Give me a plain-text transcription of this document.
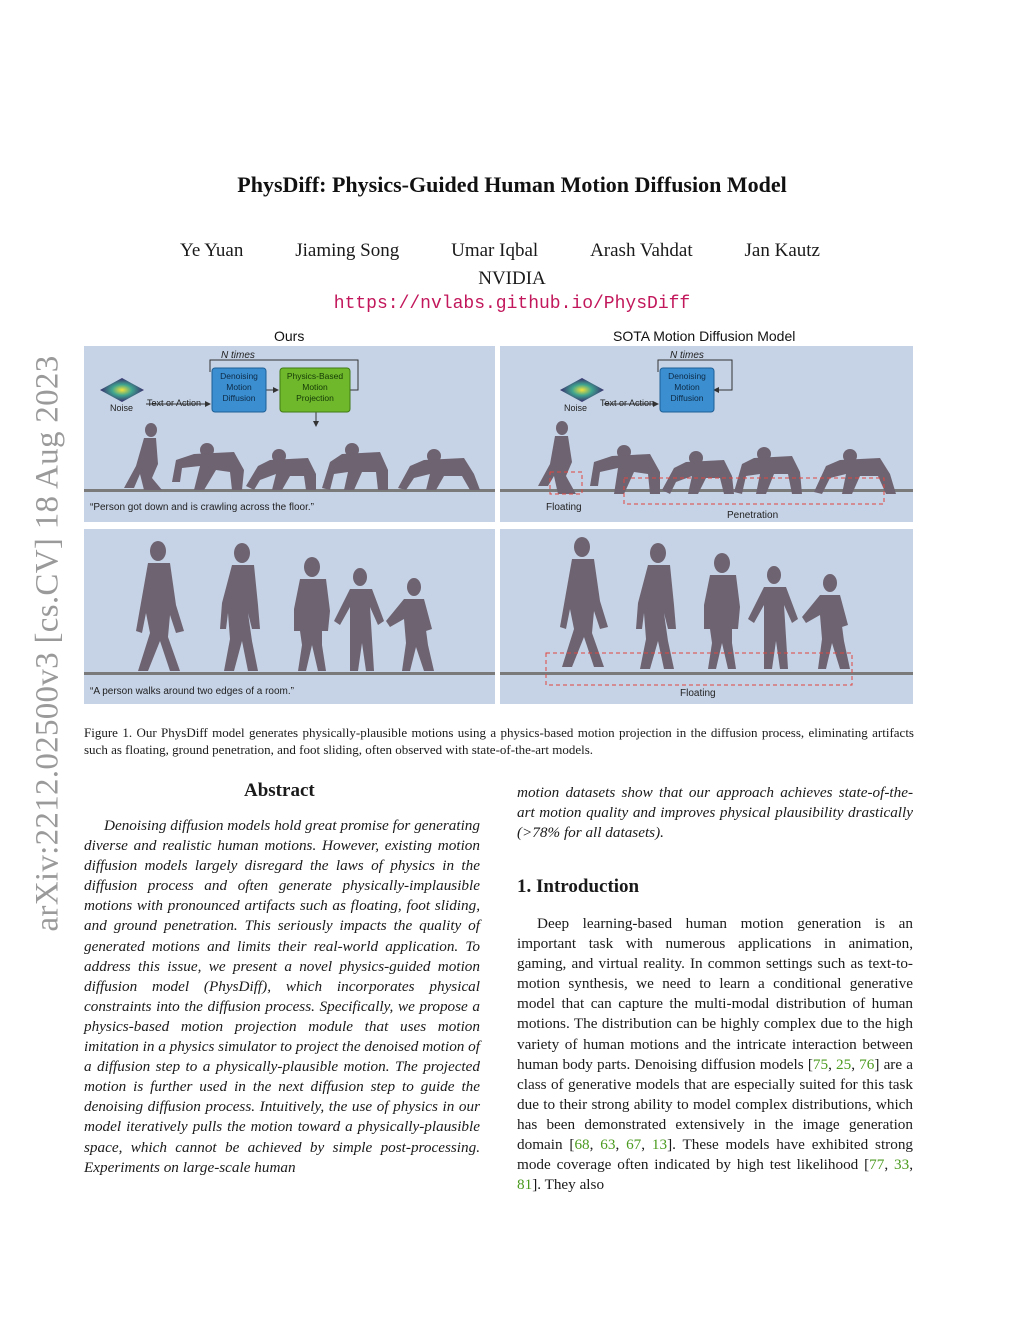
arXiv:2212.02500v3 [cs.CV] 18 Aug 2023
PhysDiff: Physics-Guided Human Motion Diffusion Model
Ye Yuan	Jiaming Song	Umar Iqbal	Arash Vahdat	Jan Kautz
NVIDIA
https://nvlabs.github.io/PhysDiff
Ours	SOTA Motion Diffusion Model
N times
Noise Text or Action
Denoising
Motion
Diffusion
Physics-Based
Motion
Projection
“Person got down and is crawling across the floor.”
N times
Noise Text or Action
Denoising
Motion
Diffusion
Floating
Penetration
“A person walks around two edges of a room.”	Floating
Figure 1. Our PhysDiff model generates physically-plausible motions using a physics-based motion projection in the diffusion process, eliminating artifacts such as floating, ground penetration, and foot sliding, often observed with state-of-the-art models.
Abstract
Denoising diffusion models hold great promise for generating diverse and realistic human motions. However, existing motion diffusion models largely disregard the laws of physics in the diffusion process and often generate physically-implausible motions with pronounced artifacts such as floating, foot sliding, and ground penetration. This seriously impacts the quality of generated motions and limits their real-world application. To address this issue, we present a novel physics-guided motion diffusion model (PhysDiff), which incorporates physical constraints into the diffusion process. Specifically, we propose a physics-based motion projection module that uses motion imitation in a physics simulator to project the denoised motion of a diffusion step to a physically-plausible motion. The projected motion is further used in the next diffusion step to guide the denoising diffusion process. Intuitively, the use of physics in our model iteratively pulls the motion toward a physically-plausible space, which cannot be achieved by simple post-processing. Experiments on large-scale human
motion datasets show that our approach achieves state-of-the-art motion quality and improves physical plausibility drastically (>78% for all datasets).
1. Introduction
Deep learning-based human motion generation is an important task with numerous applications in animation, gaming, and virtual reality. In common settings such as text-to-motion synthesis, we need to learn a conditional generative model that can capture the multi-modal distribution of human motions. The distribution can be highly complex due to the high variety of human motions and the intricate interaction between human body parts. Denoising diffusion models [75, 25, 76] are a class of generative models that are especially suited for this task due to their strong ability to model complex distributions, which has been demonstrated extensively in the image generation domain [68, 63, 67, 13]. These models have exhibited strong mode coverage often indicated by high test likelihood [77, 33, 81]. They also
